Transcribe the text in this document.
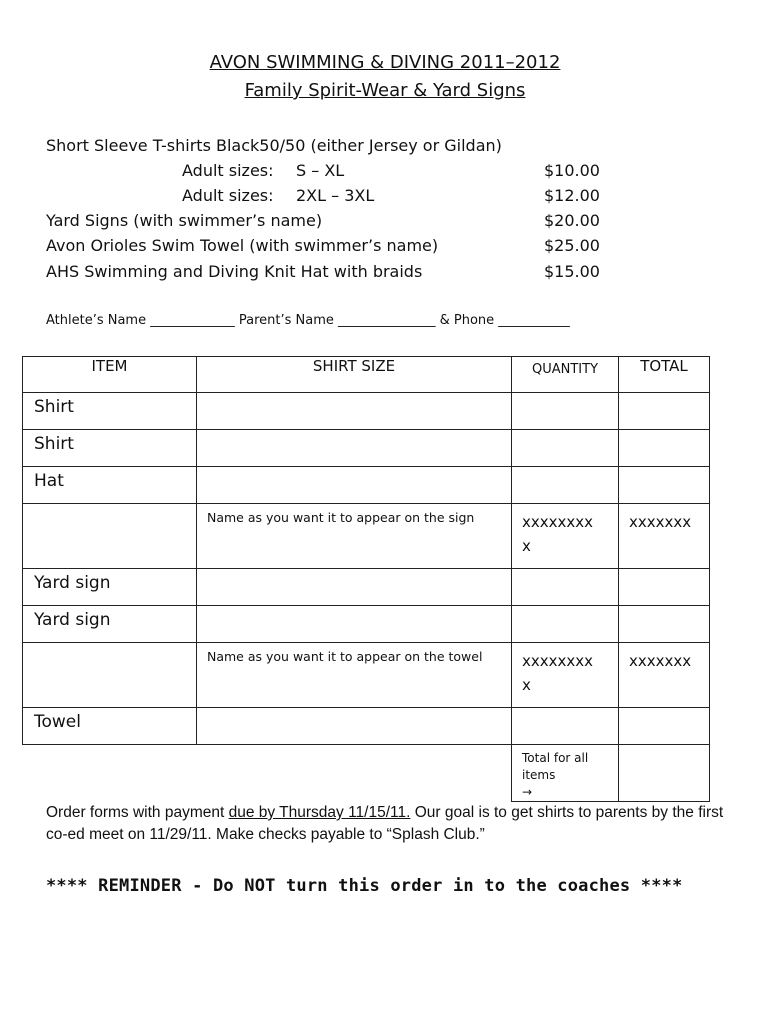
AVON SWIMMING & DIVING 2011–2012
Family Spirit-Wear & Yard Signs
Short Sleeve T-shirts Black50/50 (either Jersey or Gildan)
Adult sizes: S – XL	$10.00
Adult sizes: 2XL – 3XL	$12.00
Yard Signs (with swimmer’s name)	$20.00
Avon Orioles Swim Towel (with swimmer’s name)	$25.00
AHS Swimming and Diving Knit Hat with braids	$15.00
Athlete’s Name _____________ Parent’s Name _______________ & Phone ___________
ITEM	SHIRT SIZE	QUANTITY	TOTAL
Shirt			
Shirt			
Hat			
	Name as you want it to appear on the sign	xxxxxxxx
x	xxxxxxx
Yard sign			
Yard sign			
	Name as you want it to appear on the towel	xxxxxxxx
x	xxxxxxx
Towel			
		Total for all
items
→	
Order forms with payment due by Thursday 11/15/11. Our goal is to get shirts to parents by the first co-ed meet on 11/29/11. Make checks payable to “Splash Club.”
**** REMINDER - Do NOT turn this order in to the coaches ****
